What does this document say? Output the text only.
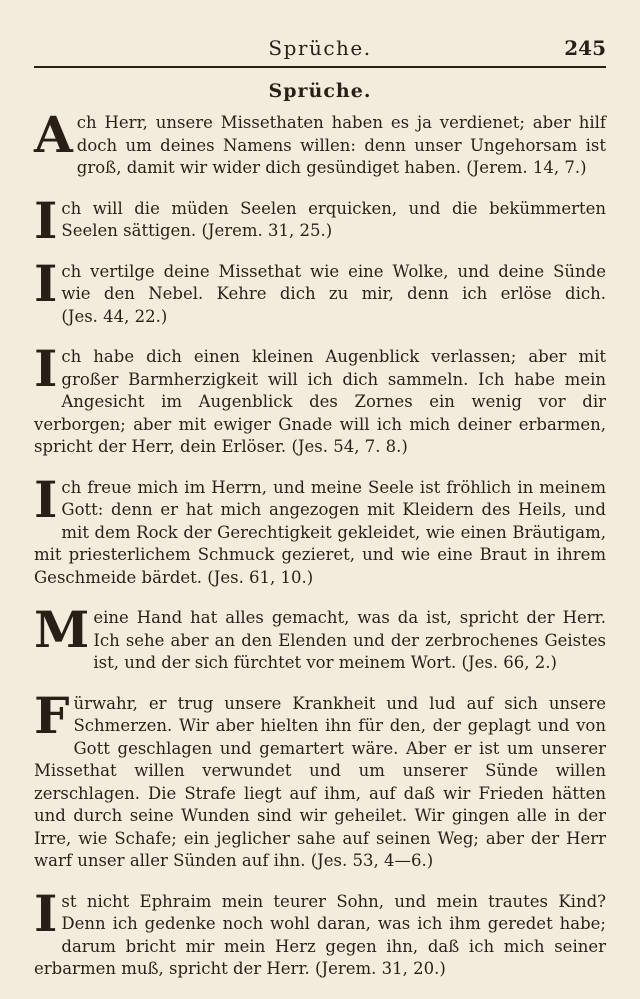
Sprüche.	245
Sprüche.

Ach Herr, unsere Missethaten haben es ja verdienet; aber hilf doch um deines Namens willen: denn unser Ungehorsam ist groß, damit wir wider dich gesündiget haben. (Jerem. 14, 7.)

Ich will die müden Seelen erquicken, und die bekümmerten Seelen sättigen. (Jerem. 31, 25.)

Ich vertilge deine Missethat wie eine Wolke, und deine Sünde wie den Nebel. Kehre dich zu mir, denn ich erlöse dich. (Jes. 44, 22.)

Ich habe dich einen kleinen Augenblick verlassen; aber mit großer Barmherzigkeit will ich dich sammeln. Ich habe mein Angesicht im Augenblick des Zornes ein wenig vor dir verborgen; aber mit ewiger Gnade will ich mich deiner erbarmen, spricht der Herr, dein Erlöser. (Jes. 54, 7. 8.)

Ich freue mich im Herrn, und meine Seele ist fröhlich in meinem Gott: denn er hat mich angezogen mit Kleidern des Heils, und mit dem Rock der Gerechtigkeit gekleidet, wie einen Bräutigam, mit priesterlichem Schmuck gezieret, und wie eine Braut in ihrem Geschmeide bärdet. (Jes. 61, 10.)

Meine Hand hat alles gemacht, was da ist, spricht der Herr. Ich sehe aber an den Elenden und der zerbrochenes Geistes ist, und der sich fürchtet vor meinem Wort. (Jes. 66, 2.)

Fürwahr, er trug unsere Krankheit und lud auf sich unsere Schmerzen. Wir aber hielten ihn für den, der geplagt und von Gott geschlagen und gemartert wäre. Aber er ist um unserer Missethat willen verwundet und um unserer Sünde willen zerschlagen. Die Strafe liegt auf ihm, auf daß wir Frieden hätten und durch seine Wunden sind wir geheilet. Wir gingen alle in der Irre, wie Schafe; ein jeglicher sahe auf seinen Weg; aber der Herr warf unser aller Sünden auf ihn. (Jes. 53, 4—6.)

Ist nicht Ephraim mein teurer Sohn, und mein trautes Kind? Denn ich gedenke noch wohl daran, was ich ihm geredet habe; darum bricht mir mein Herz gegen ihn, daß ich mich seiner erbarmen muß, spricht der Herr. (Jerem. 31, 20.)
